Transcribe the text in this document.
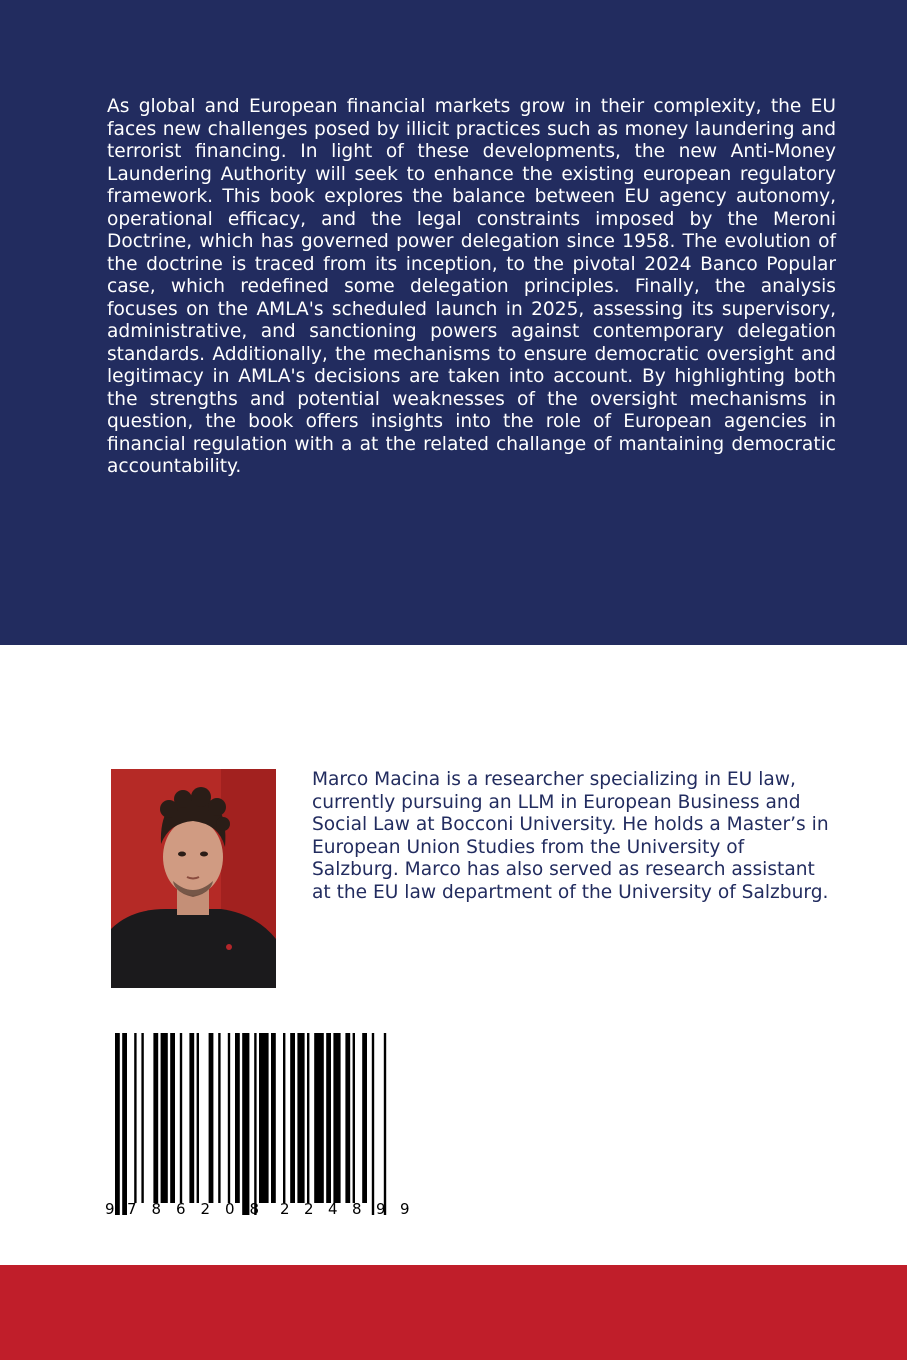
As global and European financial markets grow in their complexity, the EU faces new challenges posed by illicit practices such as money laundering and terrorist financing. In light of these developments, the new Anti-Money Laundering Authority will seek to enhance the existing european regulatory framework. This book explores the balance between EU agency autonomy, operational efficacy, and the legal constraints imposed by the Meroni Doctrine, which has governed power delegation since 1958. The evolution of the doctrine is traced from its inception, to the pivotal 2024 Banco Popular case, which redefined some delegation principles. Finally, the analysis focuses on the AMLA's scheduled launch in 2025, assessing its supervisory, administrative, and sanctioning powers against contemporary delegation standards. Additionally, the mechanisms to ensure democratic oversight and legitimacy in AMLA's decisions are taken into account. By highlighting both the strengths and potential weaknesses of the oversight mechanisms in question, the book offers insights into the role of European agencies in financial regulation with a at the related challange of mantaining democratic accountability.
Marco Macina is a researcher specializing in EU law, currently pursuing an LLM in European Business and Social Law at Bocconi University. He holds a Master’s in European Union Studies from the University of Salzburg. Marco has also served as research assistant at the EU law department of the University of Salzburg.
9 7 8 6 2 0 8 2 2 4 8 9 9
